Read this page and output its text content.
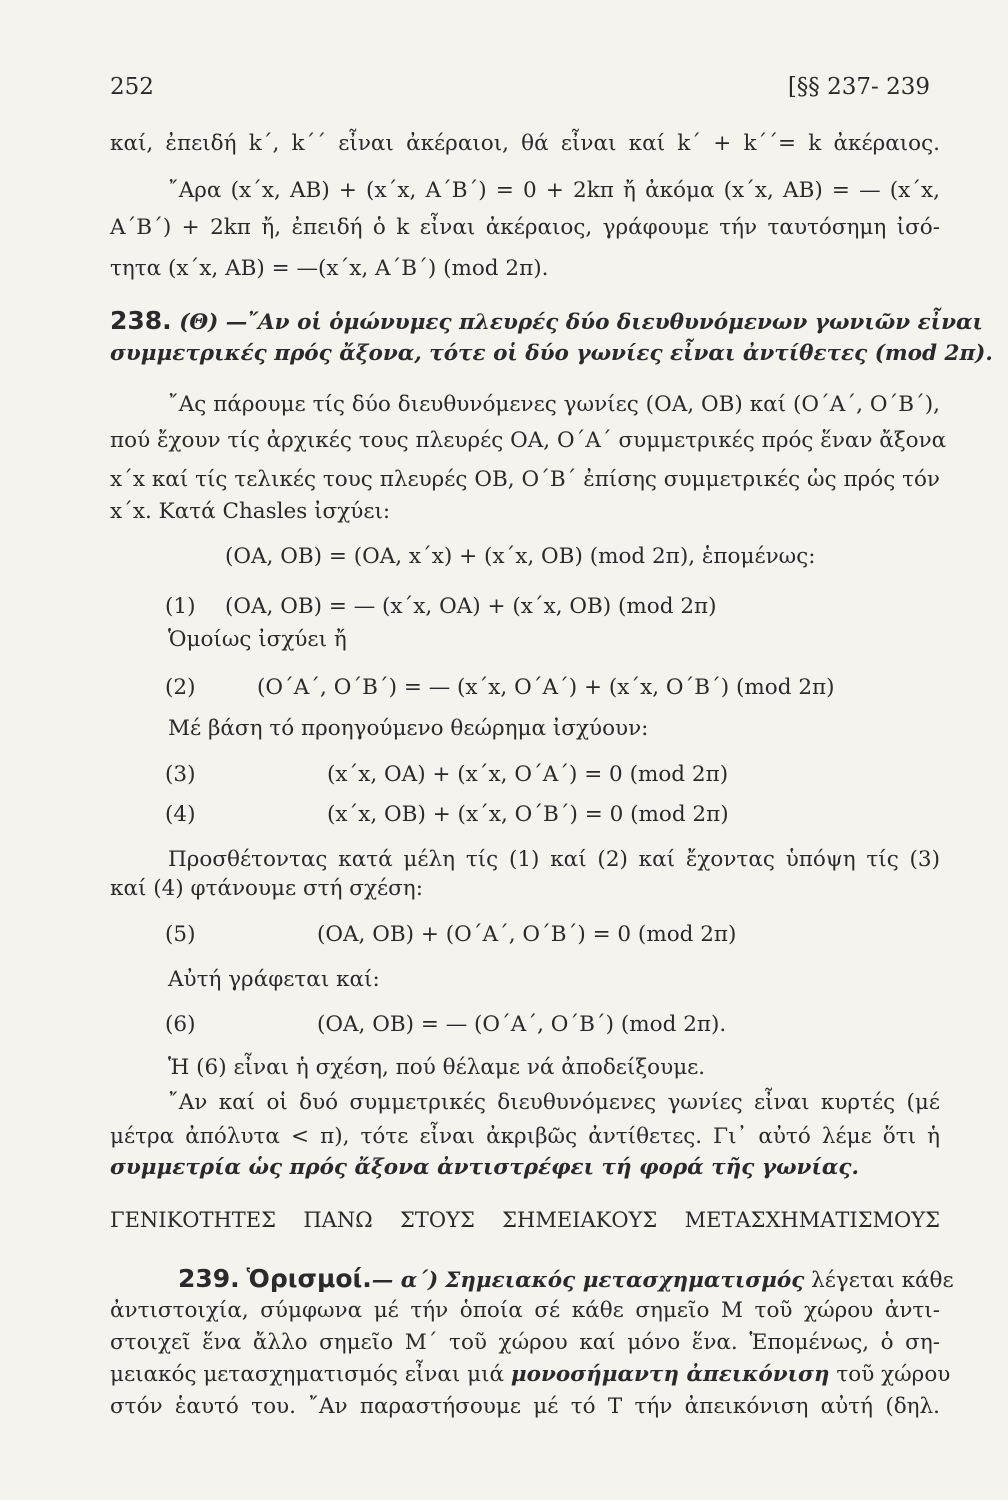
252	[§§ 237- 239
καί, ἐπειδή k΄, k΄΄ εἶναι ἀκέραιοι, θά εἶναι καί k΄ + k΄΄= k ἀκέραιος.
῎Αρα (x΄x, AB) + (x΄x, A΄B΄) = 0 + 2kπ ἤ ἀκόμα (x΄x, AB) = — (x΄x,
A΄B΄) + 2kπ ἤ, ἐπειδή ὁ k εἶναι ἀκέραιος, γράφουμε τήν ταυτόσημη ἰσό-
τητα (x΄x, AB) = —(x΄x, A΄B΄) (mod 2π).
238. (Θ) —῎Αν οἱ ὁμώνυμες πλευρές δύο διευθυνόμενων γωνιῶν εἶναι
συμμετρικές πρός ἄξονα, τότε οἱ δύο γωνίες εἶναι ἀντίθετες (mod 2π).
῎Ας πάρουμε τίς δύο διευθυνόμενες γωνίες (OA, OB) καί (O΄A΄, O΄B΄),
πού ἔχουν τίς ἀρχικές τους πλευρές OA, O΄A΄ συμμετρικές πρός ἕναν ἄξονα
x΄x καί τίς τελικές τους πλευρές OB, O΄B΄ ἐπίσης συμμετρικές ὡς πρός τόν
x΄x. Κατά Chasles ἰσχύει:
(OA, OB) = (OA, x΄x) + (x΄x, OB) (mod 2π), ἑπομένως:
(1) (OA, OB) = — (x΄x, OA) + (x΄x, OB) (mod 2π)
Ὁμοίως ἰσχύει ἤ
(2)	(O΄A΄, O΄B΄) = — (x΄x, O΄A΄) + (x΄x, O΄B΄) (mod 2π)
Μέ βάση τό προηγούμενο θεώρημα ἰσχύουν:
(3)	(x΄x, OA) + (x΄x, O΄A΄) = 0 (mod 2π)
(4)	(x΄x, OB) + (x΄x, O΄B΄) = 0 (mod 2π)
Προσθέτοντας κατά μέλη τίς (1) καί (2) καί ἔχοντας ὑπόψη τίς (3)
καί (4) φτάνουμε στή σχέση:
(5)	(OA, OB) + (O΄A΄, O΄B΄) = 0 (mod 2π)
Αὐτή γράφεται καί:
(6)	(OA, OB) = — (O΄A΄, O΄B΄) (mod 2π).
Ἡ (6) εἶναι ἡ σχέση, πού θέλαμε νά ἀποδείξουμε.
῎Αν καί οἱ δυό συμμετρικές διευθυνόμενες γωνίες εἶναι κυρτές (μέ
μέτρα ἀπόλυτα < π), τότε εἶναι ἀκριβῶς ἀντίθετες. Γι᾽ αὐτό λέμε ὅτι ἡ
συμμετρία ὡς πρός ἄξονα ἀντιστρέφει τή φορά τῆς γωνίας.
ΓΕΝΙΚΟΤΗΤΕΣ ΠΑΝΩ ΣΤΟΥΣ ΣΗΜΕΙΑΚΟΥΣ ΜΕΤΑΣΧΗΜΑΤΙΣΜΟΥΣ
239. Ὁρισμοί.— α΄) Σημειακός μετασχηματισμός λέγεται κάθε
ἀντιστοιχία, σύμφωνα μέ τήν ὁποία σέ κάθε σημεῖο M τοῦ χώρου ἀντι-
στοιχεῖ ἕνα ἄλλο σημεῖο M΄ τοῦ χώρου καί μόνο ἕνα. Ἑπομένως, ὁ ση-
μειακός μετασχηματισμός εἶναι μιά μονοσήμαντη ἀπεικόνιση τοῦ χώρου
στόν ἑαυτό του. ῎Αν παραστήσουμε μέ τό T τήν ἀπεικόνιση αὐτή (δηλ.
